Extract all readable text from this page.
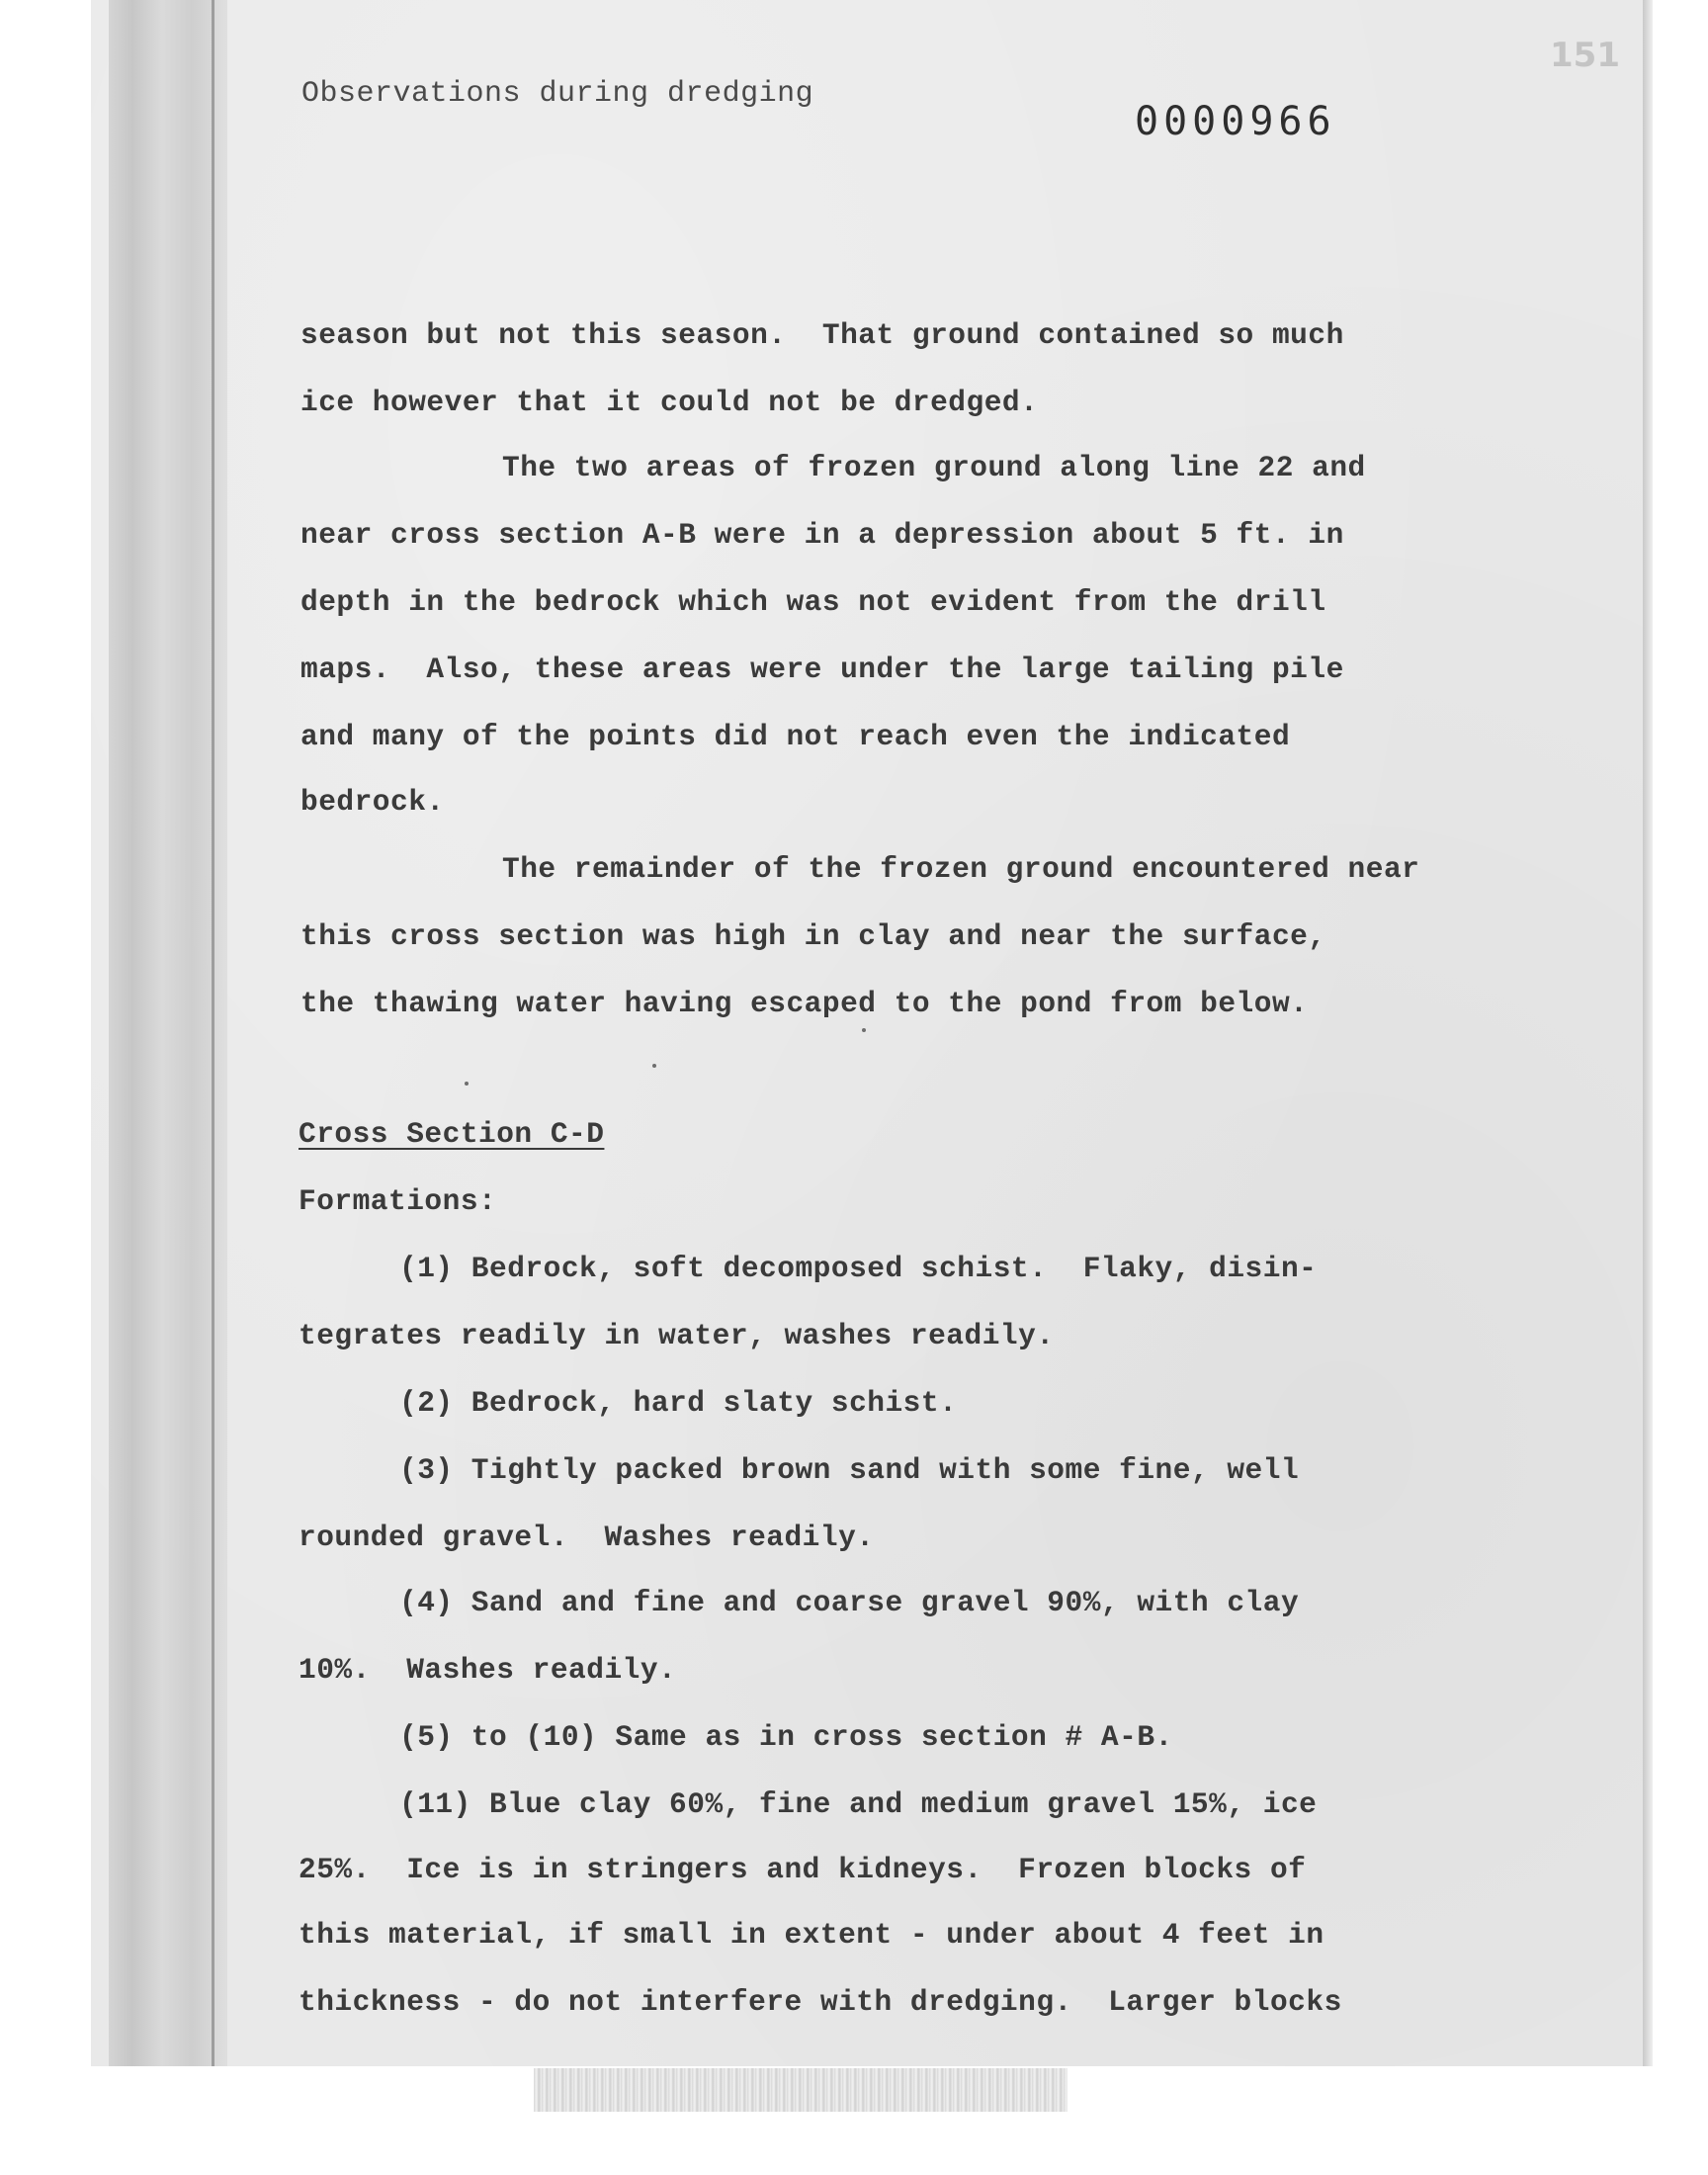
Observations during dredging
0000966
151
season but not this season.  That ground contained so much
ice however that it could not be dredged.
The two areas of frozen ground along line 22 and
near cross section A-B were in a depression about 5 ft. in
depth in the bedrock which was not evident from the drill
maps.  Also, these areas were under the large tailing pile
and many of the points did not reach even the indicated
bedrock.
The remainder of the frozen ground encountered near
this cross section was high in clay and near the surface,
the thawing water having escaped to the pond from below.
Cross Section C-D
Formations:
(1) Bedrock, soft decomposed schist.  Flaky, disin-
tegrates readily in water, washes readily.
(2) Bedrock, hard slaty schist.
(3) Tightly packed brown sand with some fine, well
rounded gravel.  Washes readily.
(4) Sand and fine and coarse gravel 90%, with clay
10%.  Washes readily.
(5) to (10) Same as in cross section # A-B.
(11) Blue clay 60%, fine and medium gravel 15%, ice
25%.  Ice is in stringers and kidneys.  Frozen blocks of
this material, if small in extent - under about 4 feet in
thickness - do not interfere with dredging.  Larger blocks
